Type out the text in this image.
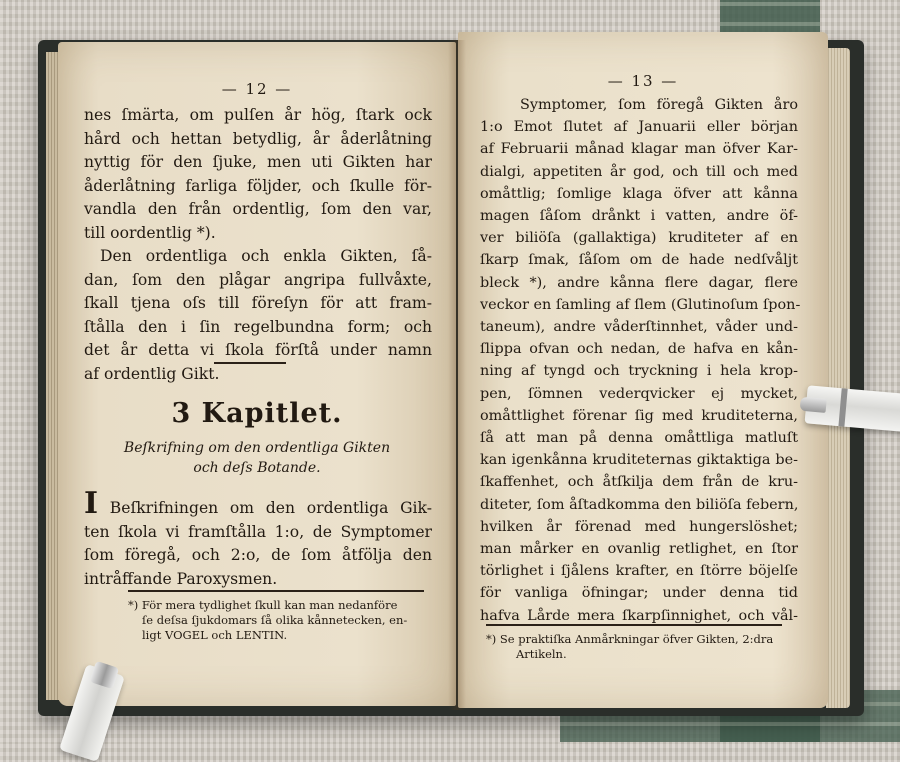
— 12 —
nes ſmärta, om pulſen år hög, ſtark ock
hård och hettan betydlig, år åderlåtning
nyttig för den ſjuke, men uti Gikten har
åderlåtning farliga följder, och ſkulle för-
vandla den från ordentlig, ſom den var,
till oordentlig *).
Den ordentliga och enkla Gikten, ſå-
dan, ſom den plågar angripa fullvåxte,
ſkall tjena oſs till föreſyn för att fram-
ſtålla den i ſin regelbundna form; och
det år detta vi ſkola förſtå under namn
af ordentlig Gikt.
3 Kapitlet.
Beſkrifning om den ordentliga Gikten
och deſs Botande.
I Beſkrifningen om den ordentliga Gik-
ten ſkola vi framſtålla 1:o, de Symptomer
ſom föregå, och 2:o, de ſom åtfölja den
intråffande Paroxysmen.
*) För mera tydlighet ſkull kan man nedanföre
ſe deſsa ſjukdomars ſå olika kånnetecken, en-
ligt VOGEL och LENTIN.
— 13 —
Symptomer, ſom föregå Gikten åro
1:o Emot ſlutet af Januarii eller början
af Februarii månad klagar man öfver Kar-
dialgi, appetiten år god, och till och med
omåttlig; ſomlige klaga öfver att kånna
magen ſåſom drånkt i vatten, andre öf-
ver biliöſa (gallaktiga) kruditeter af en
ſkarp ſmak, ſåſom om de hade nedſvåljt
bleck *), andre kånna flere dagar, flere
veckor en ſamling af ſlem (Glutinoſum ſpon-
taneum), andre våderſtinnhet, våder und-
ſlippa ofvan och nedan, de hafva en kån-
ning af tyngd och tryckning i hela krop-
pen, ſömnen vederqvicker ej mycket,
omåttlighet förenar ſig med kruditeterna,
ſå att man på denna omåttliga matluſt
kan igenkånna kruditeternas giktaktiga be-
ſkaffenhet, och åtſkilja dem från de kru-
diteter, ſom åſtadkomma den biliöſa febern,
hvilken år förenad med hungerslöshet;
man mårker en ovanlig retlighet, en ſtor
törlighet i ſjålens krafter, en ſtörre böjelſe
för vanliga öfningar; under denna tid
hafva Lårde mera ſkarpſinnighet, och vål-
*) Se praktiſka Anmårkningar öfver Gikten, 2:dra
Artikeln.
